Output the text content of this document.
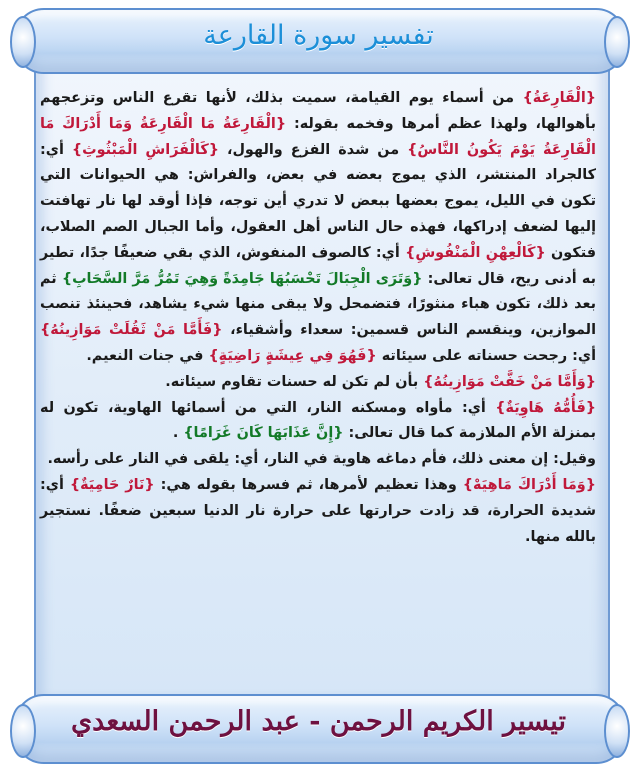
تفسير سورة القارعة

{الْقَارِعَةُ} من أسماء يوم القيامة، سميت بذلك، لأنها تقرع الناس وتزعجهم بأهوالها، ولهذا عظم أمرها وفخمه بقوله: {الْقَارِعَةُ مَا الْقَارِعَةُ وَمَا أَدْرَاكَ مَا الْقَارِعَةُ يَوْمَ يَكُونُ النَّاسُ} من شدة الفزع والهول، {كَالْفَرَاشِ الْمَبْثُوثِ} أي: كالجراد المنتشر، الذي يموج بعضه في بعض، والفراش: هي الحيوانات التي تكون في الليل، يموج بعضها ببعض لا تدري أين توجه، فإذا أوقد لها نار تهافتت إليها لضعف إدراكها، فهذه حال الناس أهل العقول، وأما الجبال الصم الصلاب، فتكون {كَالْعِهْنِ الْمَنْفُوشِ} أي: كالصوف المنفوش، الذي بقي ضعيفًا جدًا، تطير به أدنى ريح، قال تعالى: {وَتَرَى الْجِبَالَ تَحْسَبُهَا جَامِدَةً وَهِيَ تَمُرُّ مَرَّ السَّحَابِ} ثم بعد ذلك، تكون هباء منثورًا، فتضمحل ولا يبقى منها شيء يشاهد، فحينئذ تنصب الموازين، وينقسم الناس قسمين: سعداء وأشقياء، {فَأَمَّا مَنْ ثَقُلَتْ مَوَازِينُهُ} أي: رجحت حسناته على سيئاته {فَهُوَ فِي عِيشَةٍ رَاضِيَةٍ} في جنات النعيم.

{وَأَمَّا مَنْ خَفَّتْ مَوَازِينُهُ} بأن لم تكن له حسنات تقاوم سيئاته.

{فَأُمُّهُ هَاوِيَةٌ} أي: مأواه ومسكنه النار، التي من أسمائها الهاوية، تكون له بمنزلة الأم الملازمة كما قال تعالى: {إِنَّ عَذَابَهَا كَانَ غَرَامًا} .

وقيل: إن معنى ذلك، فأم دماغه هاوية في النار، أي: يلقى في النار على رأسه.

{وَمَا أَدْرَاكَ مَاهِيَهْ} وهذا تعظيم لأمرها، ثم فسرها بقوله هي: {نَارٌ حَامِيَةٌ} أي: شديدة الحرارة، قد زادت حرارتها على حرارة نار الدنيا سبعين ضعفًا. نستجير بالله منها.

تيسير الكريم الرحمن - عبد الرحمن السعدي
